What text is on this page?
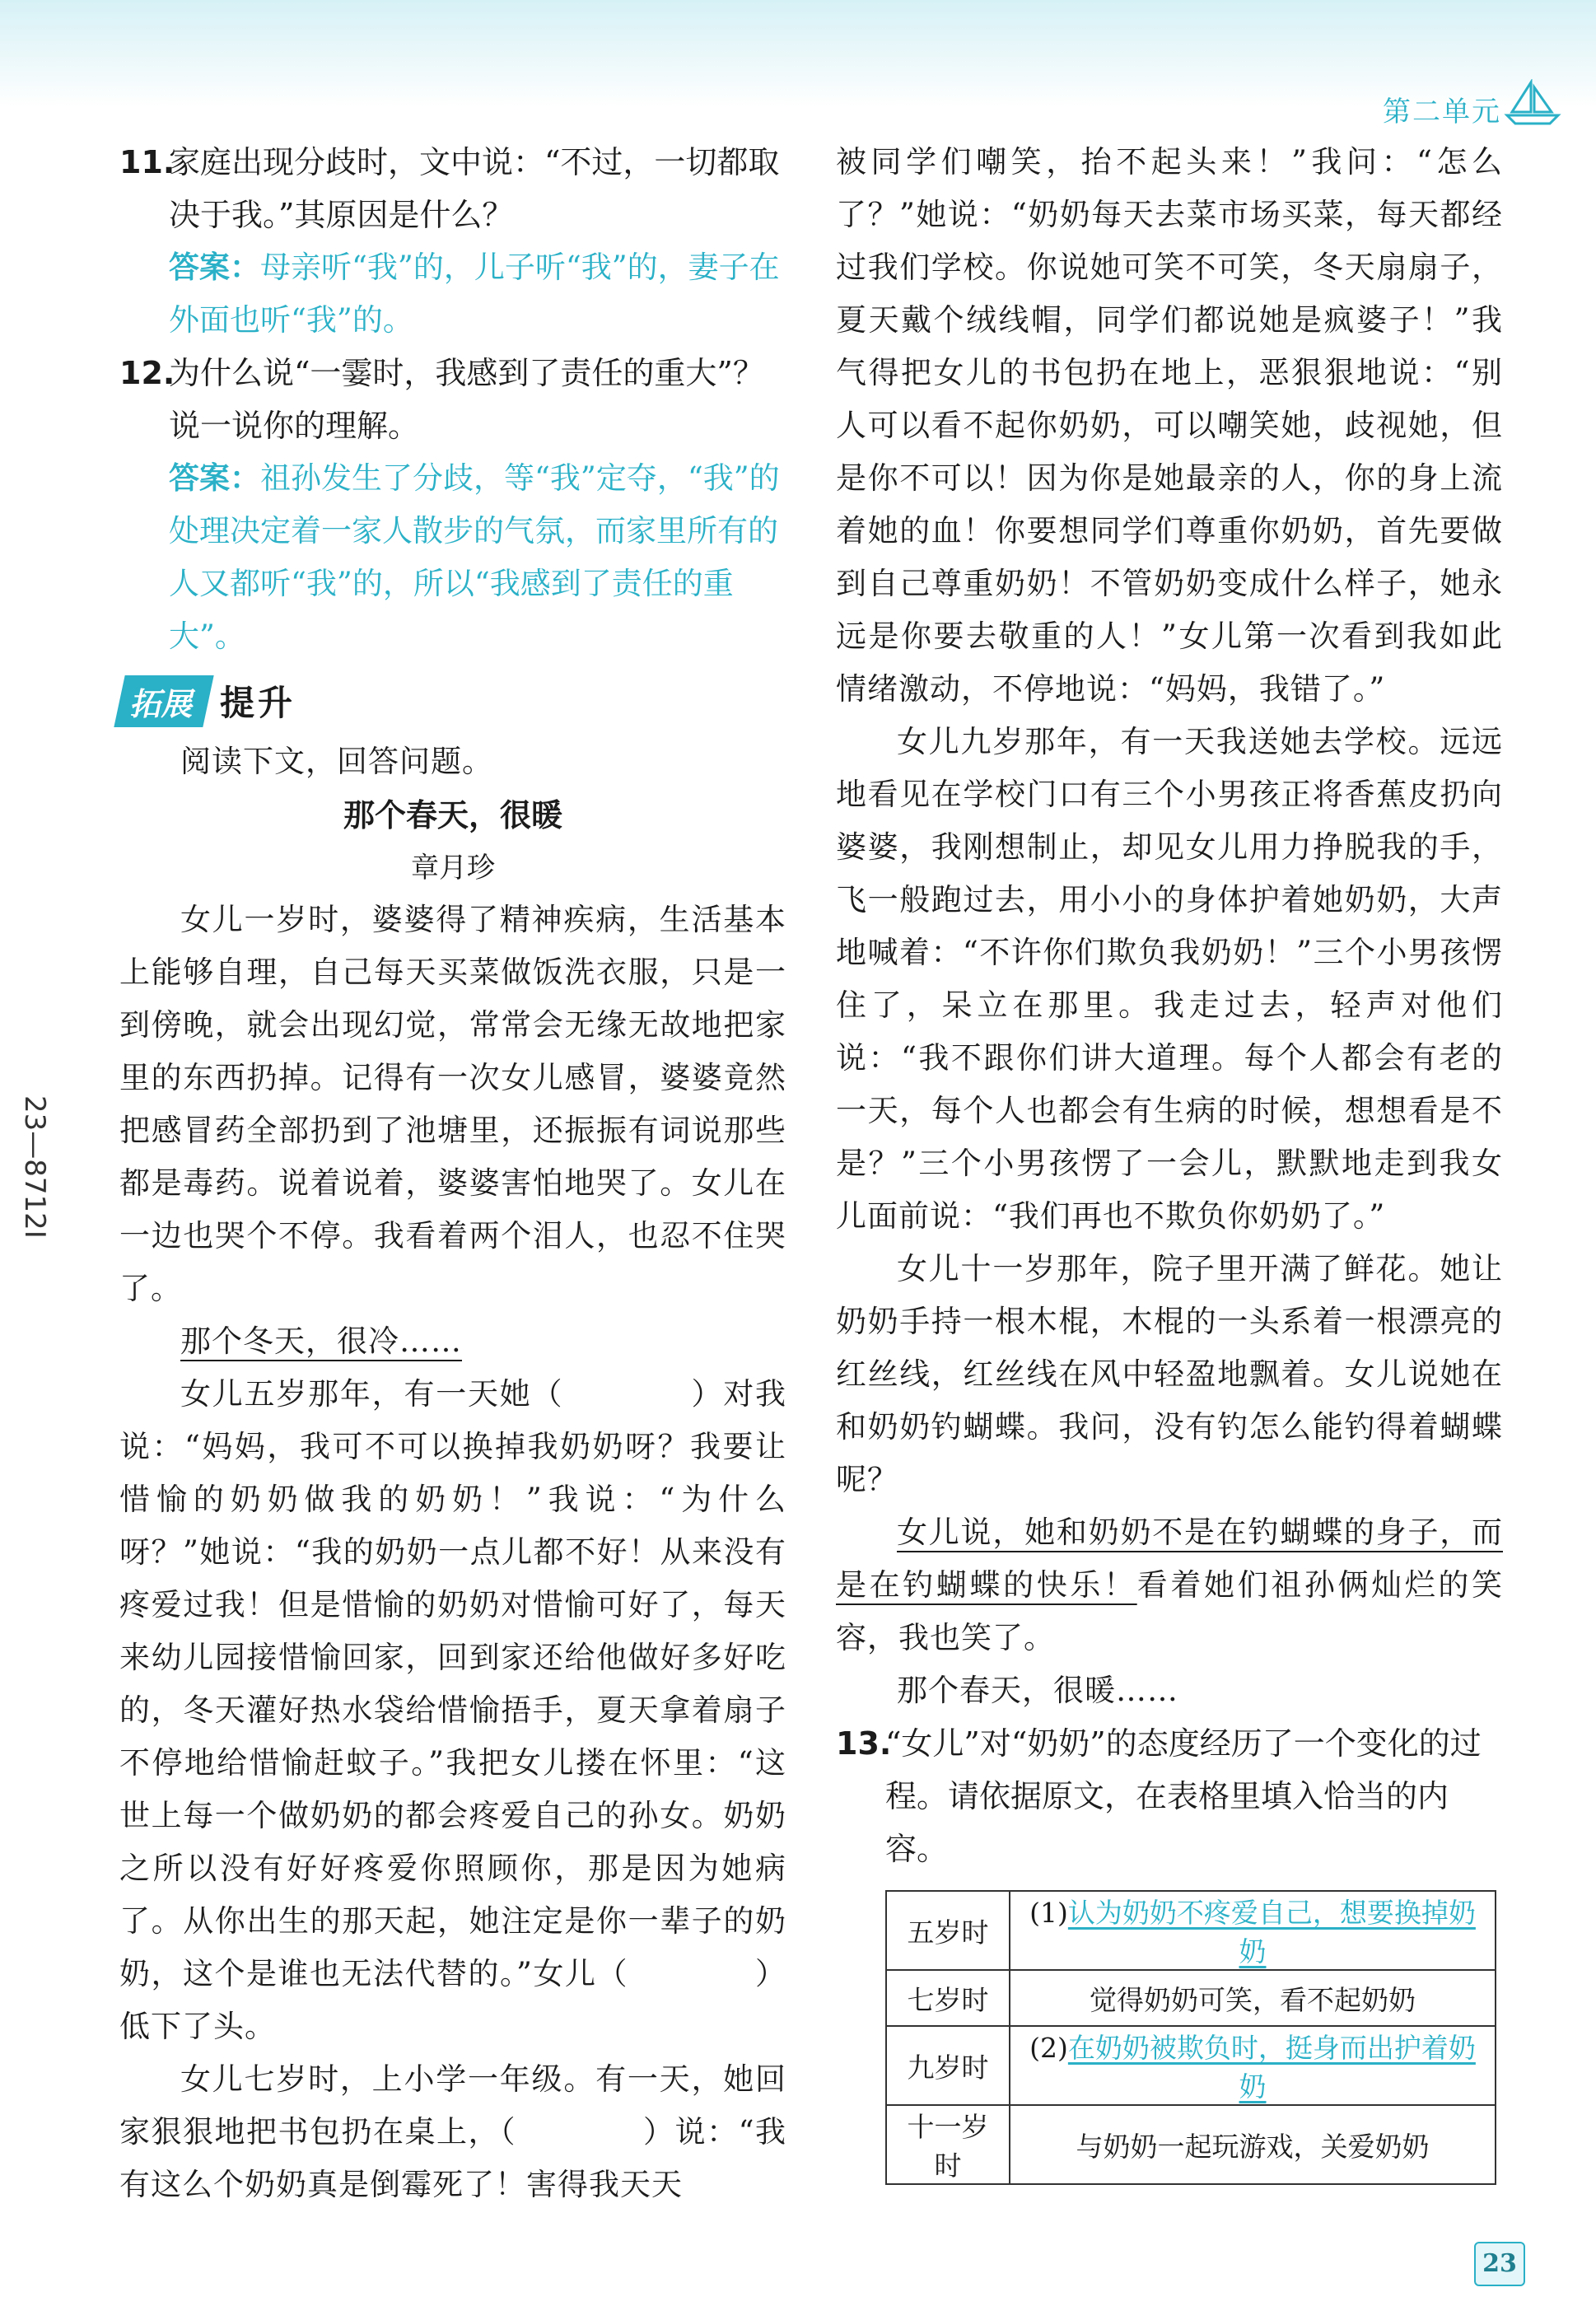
第二单元
23—8712I

11.
家庭出现分歧时，文中说：“不过，一切都取决于我。”其原因是什么？

答案：母亲听“我”的，儿子听“我”的，妻子在外面也听“我”的。

12.
为什么说“一霎时，我感到了责任的重大”？说一说你的理解。

答案：祖孙发生了分歧，等“我”定夺，“我”的处理决定着一家人散步的气氛，而家里所有的人又都听“我”的，所以“我感到了责任的重大”。

拓展 提升

阅读下文，回答问题。

那个春天，很暖

章月珍

女儿一岁时，婆婆得了精神疾病，生活基本上能够自理，自己每天买菜做饭洗衣服，只是一到傍晚，就会出现幻觉，常常会无缘无故地把家里的东西扔掉。记得有一次女儿感冒，婆婆竟然把感冒药全部扔到了池塘里，还振振有词说那些都是毒药。说着说着，婆婆害怕地哭了。女儿在一边也哭个不停。我看着两个泪人，也忍不住哭了。

那个冬天，很冷……

女儿五岁那年，有一天她（　　　　）对我说：“妈妈，我可不可以换掉我奶奶呀？我要让惜愉的奶奶做我的奶奶！”我说：“为什么呀？”她说：“我的奶奶一点儿都不好！从来没有疼爱过我！但是惜愉的奶奶对惜愉可好了，每天来幼儿园接惜愉回家，回到家还给他做好多好吃的，冬天灌好热水袋给惜愉捂手，夏天拿着扇子不停地给惜愉赶蚊子。”我把女儿搂在怀里：“这世上每一个做奶奶的都会疼爱自己的孙女。奶奶之所以没有好好疼爱你照顾你，那是因为她病了。从你出生的那天起，她注定是你一辈子的奶奶，这个是谁也无法代替的。”女儿（　　　　）低下了头。

女儿七岁时，上小学一年级。有一天，她回家狠狠地把书包扔在桌上，（　　　　）说：“我有这么个奶奶真是倒霉死了！害得我天天

被同学们嘲笑，抬不起头来！”我问：“怎么了？”她说：“奶奶每天去菜市场买菜，每天都经过我们学校。你说她可笑不可笑，冬天扇扇子，夏天戴个绒线帽，同学们都说她是疯婆子！”我气得把女儿的书包扔在地上，恶狠狠地说：“别人可以看不起你奶奶，可以嘲笑她，歧视她，但是你不可以！因为你是她最亲的人，你的身上流着她的血！你要想同学们尊重你奶奶，首先要做到自己尊重奶奶！不管奶奶变成什么样子，她永远是你要去敬重的人！”女儿第一次看到我如此情绪激动，不停地说：“妈妈，我错了。”

女儿九岁那年，有一天我送她去学校。远远地看见在学校门口有三个小男孩正将香蕉皮扔向婆婆，我刚想制止，却见女儿用力挣脱我的手，飞一般跑过去，用小小的身体护着她奶奶，大声地喊着：“不许你们欺负我奶奶！”三个小男孩愣住了，呆立在那里。我走过去，轻声对他们说：“我不跟你们讲大道理。每个人都会有老的一天，每个人也都会有生病的时候，想想看是不是？”三个小男孩愣了一会儿，默默地走到我女儿面前说：“我们再也不欺负你奶奶了。”

女儿十一岁那年，院子里开满了鲜花。她让奶奶手持一根木棍，木棍的一头系着一根漂亮的红丝线，红丝线在风中轻盈地飘着。女儿说她在和奶奶钓蝴蝶。我问，没有钓怎么能钓得着蝴蝶呢？

女儿说，她和奶奶不是在钓蝴蝶的身子，而是在钓蝴蝶的快乐！看着她们祖孙俩灿烂的笑容，我也笑了。

那个春天，很暖……

13.
“女儿”对“奶奶”的态度经历了一个变化的过程。请依据原文，在表格里填入恰当的内容。

五岁时	(1)认为奶奶不疼爱自己，想要换掉奶奶
七岁时	觉得奶奶可笑，看不起奶奶
九岁时	(2)在奶奶被欺负时，挺身而出护着奶奶
十一岁时	与奶奶一起玩游戏，关爱奶奶
23
